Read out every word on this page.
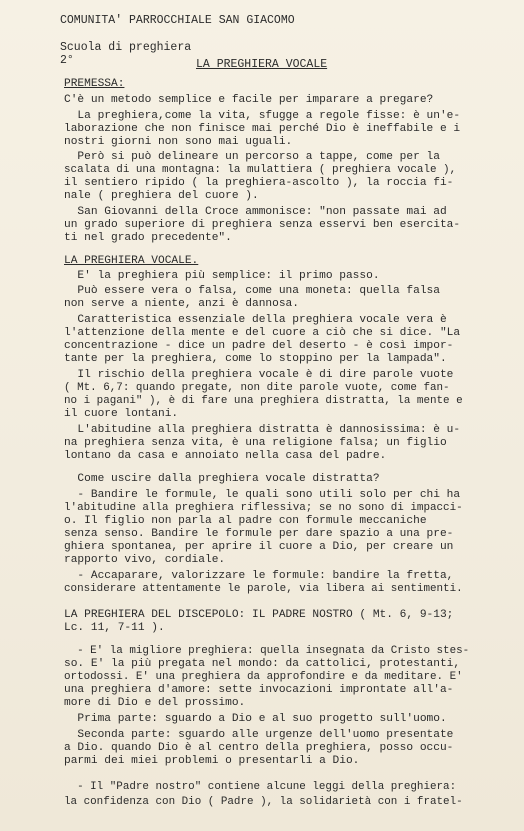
COMUNITA' PARROCCHIALE SAN GIACOMO
Scuola di preghiera
2°	LA PREGHIERA VOCALE
PREMESSA:
C'è un metodo semplice e facile per imparare a pregare?
La preghiera,come la vita, sfugge a regole fisse: è un'e-
laborazione che non finisce mai perché Dio è ineffabile e i
nostri giorni non sono mai uguali.
Però si può delineare un percorso a tappe, come per la
scalata di una montagna: la mulattiera ( preghiera vocale ),
il sentiero ripido ( la preghiera-ascolto ), la roccia fi-
nale ( preghiera del cuore ).
San Giovanni della Croce ammonisce: "non passate mai ad
un grado superiore di preghiera senza esservi ben esercita-
ti nel grado precedente".
LA PREGHIERA VOCALE.
E' la preghiera più semplice: il primo passo.
Può essere vera o falsa, come una moneta: quella falsa
non serve a niente, anzi è dannosa.
Caratteristica essenziale della preghiera vocale vera è
l'attenzione della mente e del cuore a ciò che si dice. "La
concentrazione - dice un padre del deserto - è così impor-
tante per la preghiera, come lo stoppino per la lampada".
Il rischio della preghiera vocale è di dire parole vuote
( Mt. 6,7: quando pregate, non dite parole vuote, come fan-
no i pagani" ), è di fare una preghiera distratta, la mente e
il cuore lontani.
L'abitudine alla preghiera distratta è dannosissima: è u-
na preghiera senza vita, è una religione falsa; un figlio
lontano da casa e annoiato nella casa del padre.
Come uscire dalla preghiera vocale distratta?
- Bandire le formule, le quali sono utili solo per chi ha
l'abitudine alla preghiera riflessiva; se no sono di impacci-
o. Il figlio non parla al padre con formule meccaniche
senza senso. Bandire le formule per dare spazio a una pre-
ghiera spontanea, per aprire il cuore a Dio, per creare un
rapporto vivo, cordiale.
- Accaparare, valorizzare le formule: bandire la fretta,
considerare attentamente le parole, via libera ai sentimenti.
LA PREGHIERA DEL DISCEPOLO: IL PADRE NOSTRO ( Mt. 6, 9-13;
Lc. 11, 7-11 ).
- E' la migliore preghiera: quella insegnata da Cristo stes-
so. E' la più pregata nel mondo: da cattolici, protestanti,
ortodossi. E' una preghiera da approfondire e da meditare. E'
una preghiera d'amore: sette invocazioni improntate all'a-
more di Dio e del prossimo.
Prima parte: sguardo a Dio e al suo progetto sull'uomo.
Seconda parte: sguardo alle urgenze dell'uomo presentate
a Dio. quando Dio è al centro della preghiera, posso occu-
parmi dei miei problemi o presentarli a Dio.
- Il "Padre nostro" contiene alcune leggi della preghiera:
la confidenza con Dio ( Padre ), la solidarietà con i fratel-
